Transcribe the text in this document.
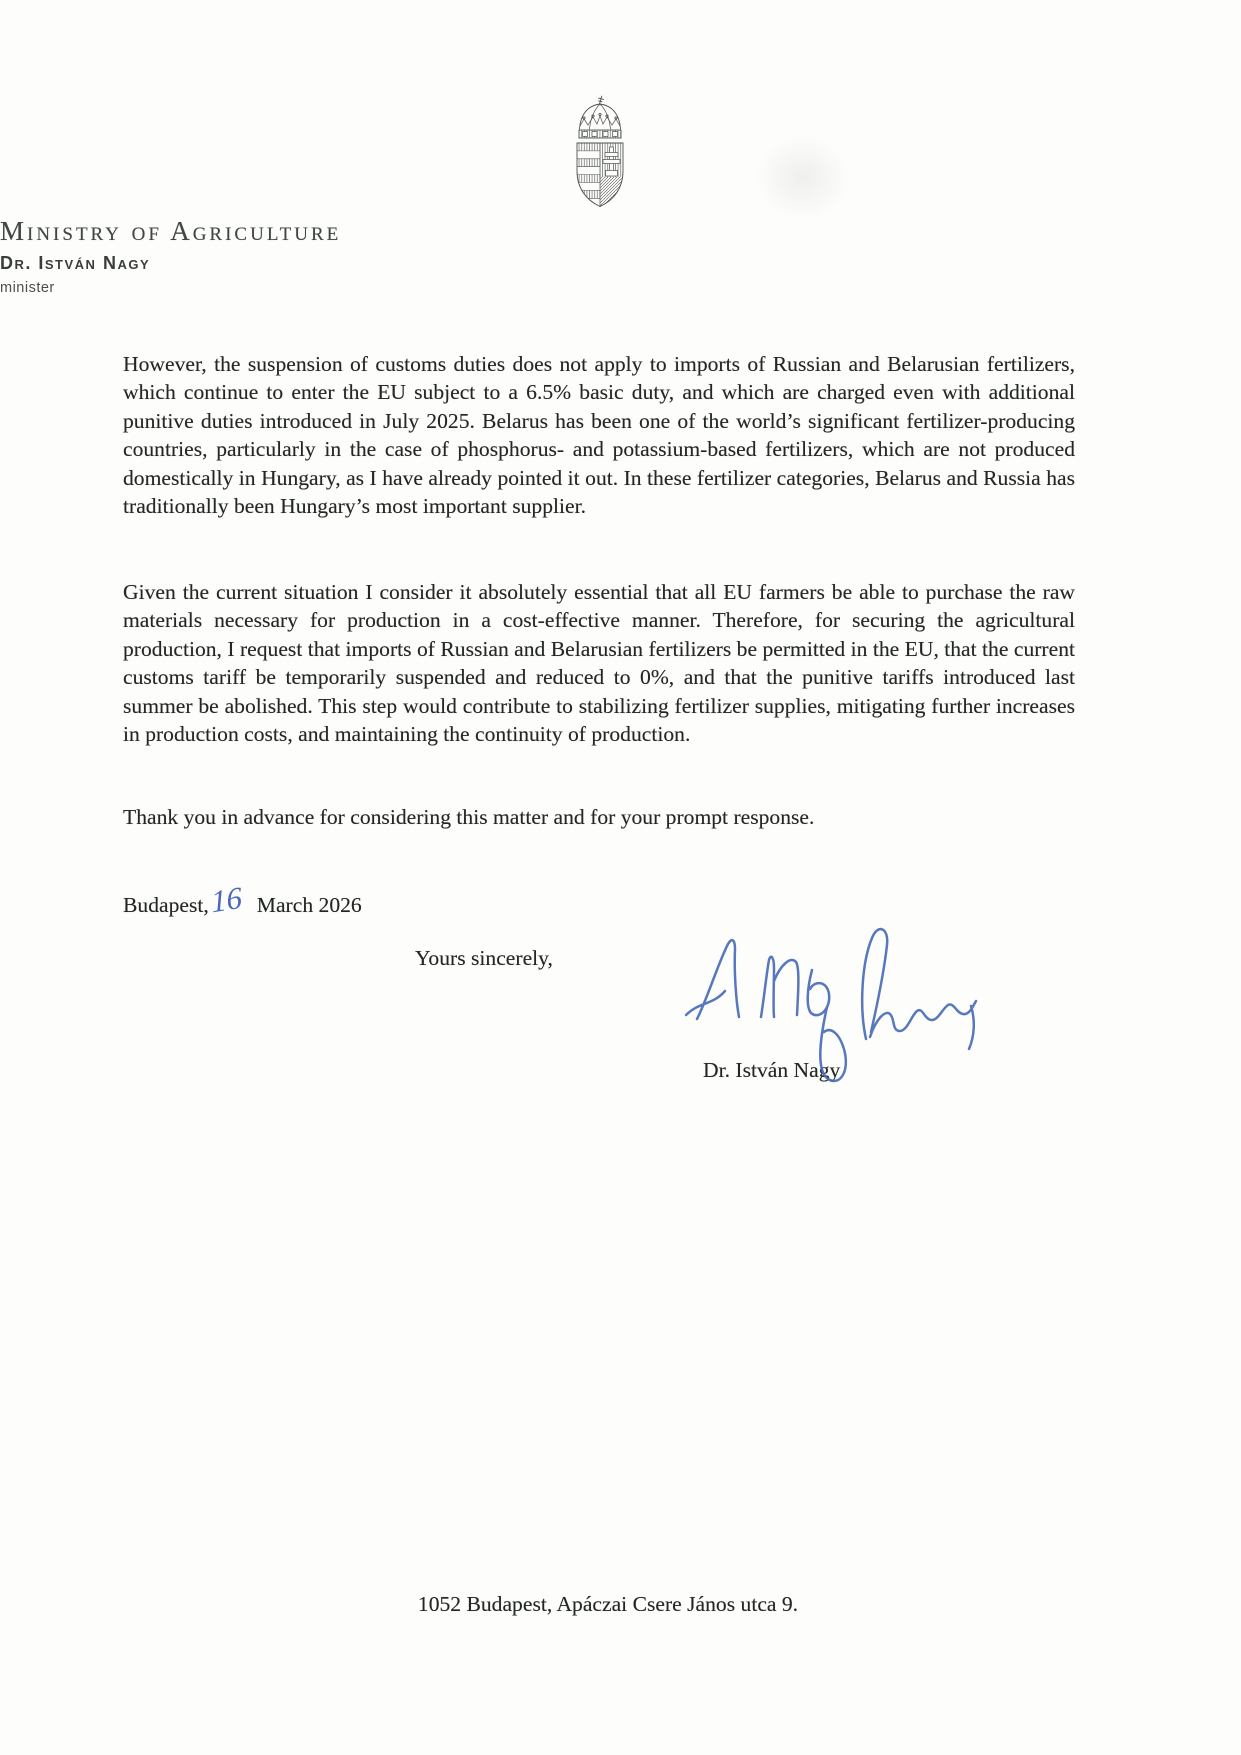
Ministry of Agriculture
Dr. István Nagy
minister

However, the suspension of customs duties does not apply to imports of Russian and Belarusian fertilizers, which continue to enter the EU subject to a 6.5% basic duty, and which are charged even with additional punitive duties introduced in July 2025. Belarus has been one of the world’s significant fertilizer-producing countries, particularly in the case of phosphorus- and potassium-based fertilizers, which are not produced domestically in Hungary, as I have already pointed it out. In these fertilizer categories, Belarus and Russia has traditionally been Hungary’s most important supplier.

Given the current situation I consider it absolutely essential that all EU farmers be able to purchase the raw materials necessary for production in a cost-effective manner. Therefore, for securing the agricultural production, I request that imports of Russian and Belarusian fertilizers be permitted in the EU, that the current customs tariff be temporarily suspended and reduced to 0%, and that the punitive tariffs introduced last summer be abolished. This step would contribute to stabilizing fertilizer supplies, mitigating further increases in production costs, and maintaining the continuity of production.

Thank you in advance for considering this matter and for your prompt response.

Budapest,16 March 2026
Yours sincerely,
Dr. István Nagy
1052 Budapest, Apáczai Csere János utca 9.
